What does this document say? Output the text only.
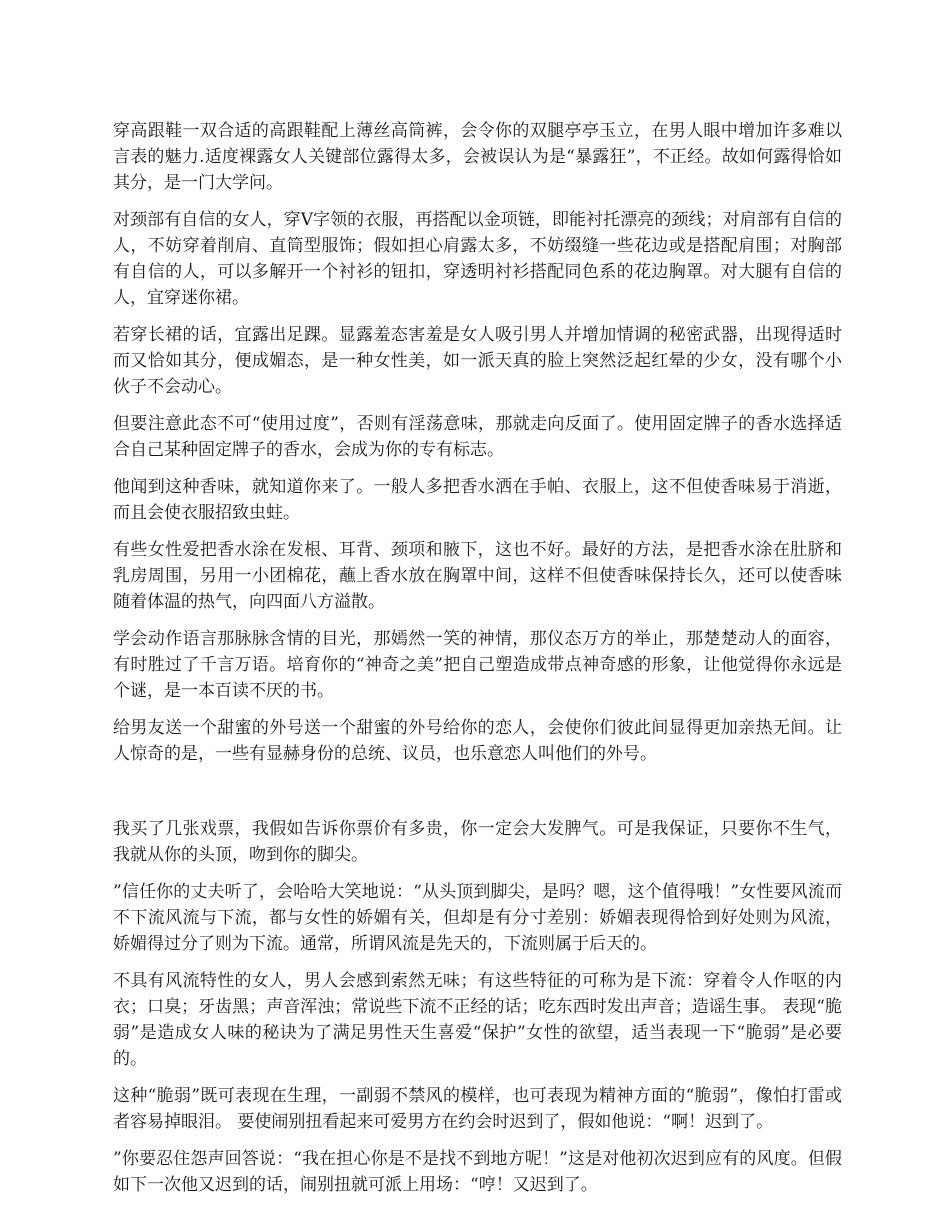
穿高跟鞋一双合适的高跟鞋配上薄丝高筒裤，会令你的双腿亭亭玉立，在男人眼中增加许多难以言表的魅力.适度裸露女人关键部位露得太多，会被误认为是“暴露狂”，不正经。故如何露得恰如其分，是一门大学问。

对颈部有自信的女人，穿V字领的衣服，再搭配以金项链，即能衬托漂亮的颈线；对肩部有自信的人，不妨穿着削肩、直筒型服饰；假如担心肩露太多，不妨缀缝一些花边或是搭配肩围；对胸部有自信的人，可以多解开一个衬衫的钮扣，穿透明衬衫搭配同色系的花边胸罩。对大腿有自信的人，宜穿迷你裙。

若穿长裙的话，宜露出足踝。显露羞态害羞是女人吸引男人并增加情调的秘密武器，出现得适时而又恰如其分，便成媚态，是一种女性美，如一派天真的脸上突然泛起红晕的少女，没有哪个小伙子不会动心。

但要注意此态不可“使用过度”，否则有淫荡意味，那就走向反面了。使用固定牌子的香水选择适合自己某种固定牌子的香水，会成为你的专有标志。

他闻到这种香味，就知道你来了。一般人多把香水洒在手帕、衣服上，这不但使香味易于消逝，而且会使衣服招致虫蛀。

有些女性爱把香水涂在发根、耳背、颈项和腋下，这也不好。最好的方法，是把香水涂在肚脐和乳房周围，另用一小团棉花，蘸上香水放在胸罩中间，这样不但使香味保持长久，还可以使香味随着体温的热气，向四面八方溢散。

学会动作语言那脉脉含情的目光，那嫣然一笑的神情，那仪态万方的举止，那楚楚动人的面容，有时胜过了千言万语。培育你的“神奇之美”把自己塑造成带点神奇感的形象，让他觉得你永远是个谜，是一本百读不厌的书。

给男友送一个甜蜜的外号送一个甜蜜的外号给你的恋人，会使你们彼此间显得更加亲热无间。让人惊奇的是，一些有显赫身份的总统、议员，也乐意恋人叫他们的外号。

我买了几张戏票，我假如告诉你票价有多贵，你一定会大发脾气。可是我保证，只要你不生气，我就从你的头顶，吻到你的脚尖。

”信任你的丈夫听了，会哈哈大笑地说：“从头顶到脚尖，是吗？嗯，这个值得哦！”女性要风流而不下流风流与下流，都与女性的娇媚有关，但却是有分寸差别：娇媚表现得恰到好处则为风流，娇媚得过分了则为下流。通常，所谓风流是先天的，下流则属于后天的。

不具有风流特性的女人，男人会感到索然无味；有这些特征的可称为是下流：穿着令人作呕的内衣；口臭；牙齿黑；声音浑浊；常说些下流不正经的话；吃东西时发出声音；造谣生事。 表现“脆弱”是造成女人味的秘诀为了满足男性天生喜爱“保护”女性的欲望，适当表现一下“脆弱”是必要的。

这种“脆弱”既可表现在生理，一副弱不禁风的模样，也可表现为精神方面的“脆弱”，像怕打雷或者容易掉眼泪。 要使闹别扭看起来可爱男方在约会时迟到了，假如他说：“啊！迟到了。

”你要忍住怨声回答说：“我在担心你是不是找不到地方呢！”这是对他初次迟到应有的风度。但假如下一次他又迟到的话，闹别扭就可派上用场：“哼！又迟到了。
